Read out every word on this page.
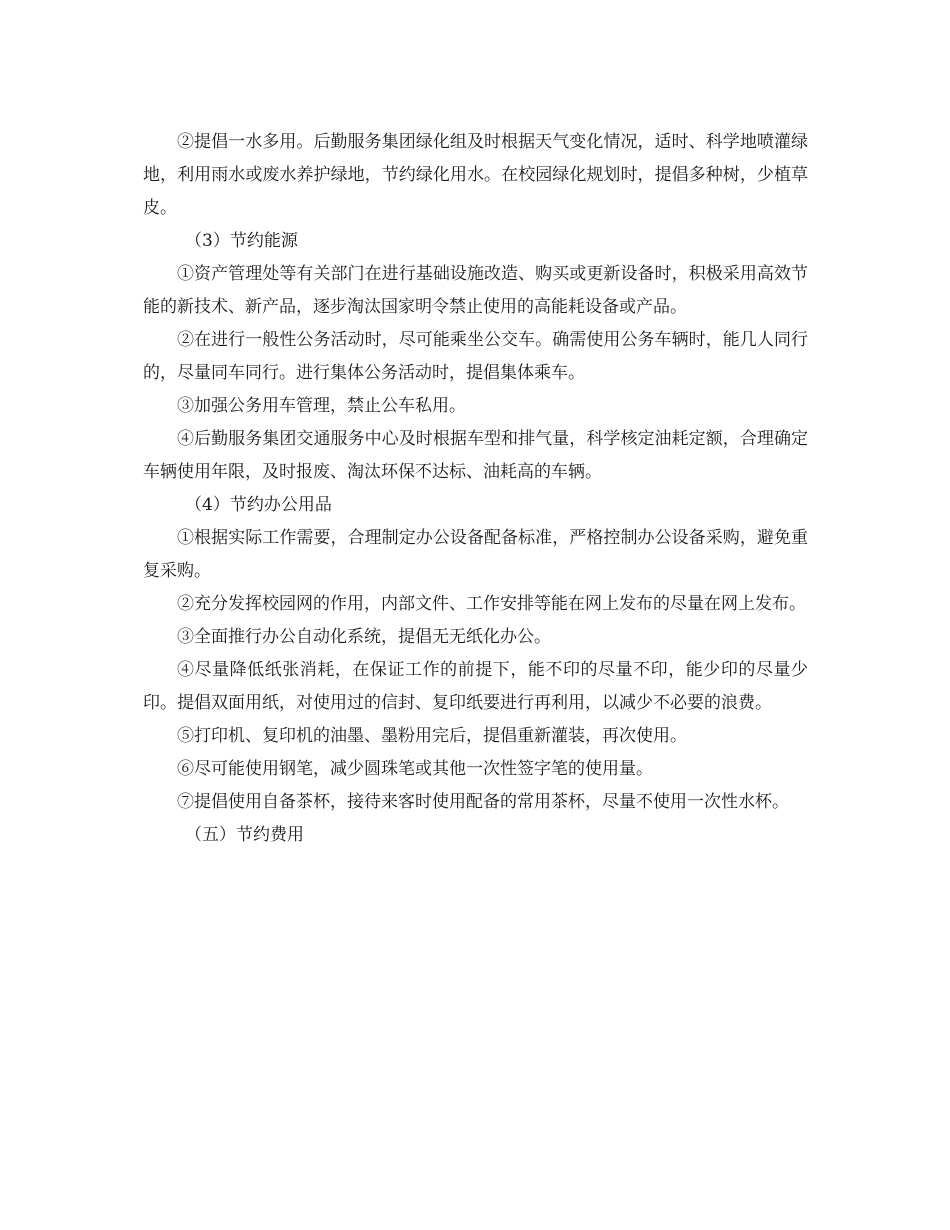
②提倡一水多用。后勤服务集团绿化组及时根据天气变化情况，适时、科学地喷灌绿地，利用雨水或废水养护绿地，节约绿化用水。在校园绿化规划时，提倡多种树，少植草皮。

（3）节约能源

①资产管理处等有关部门在进行基础设施改造、购买或更新设备时，积极采用高效节能的新技术、新产品，逐步淘汰国家明令禁止使用的高能耗设备或产品。

②在进行一般性公务活动时，尽可能乘坐公交车。确需使用公务车辆时，能几人同行的，尽量同车同行。进行集体公务活动时，提倡集体乘车。

③加强公务用车管理，禁止公车私用。

④后勤服务集团交通服务中心及时根据车型和排气量，科学核定油耗定额，合理确定车辆使用年限，及时报废、淘汰环保不达标、油耗高的车辆。

（4）节约办公用品

①根据实际工作需要，合理制定办公设备配备标准，严格控制办公设备采购，避免重复采购。

②充分发挥校园网的作用，内部文件、工作安排等能在网上发布的尽量在网上发布。

③全面推行办公自动化系统，提倡无无纸化办公。

④尽量降低纸张消耗，在保证工作的前提下，能不印的尽量不印，能少印的尽量少印。提倡双面用纸，对使用过的信封、复印纸要进行再利用，以减少不必要的浪费。

⑤打印机、复印机的油墨、墨粉用完后，提倡重新灌装，再次使用。

⑥尽可能使用钢笔，减少圆珠笔或其他一次性签字笔的使用量。

⑦提倡使用自备茶杯，接待来客时使用配备的常用茶杯，尽量不使用一次性水杯。

（五）节约费用
